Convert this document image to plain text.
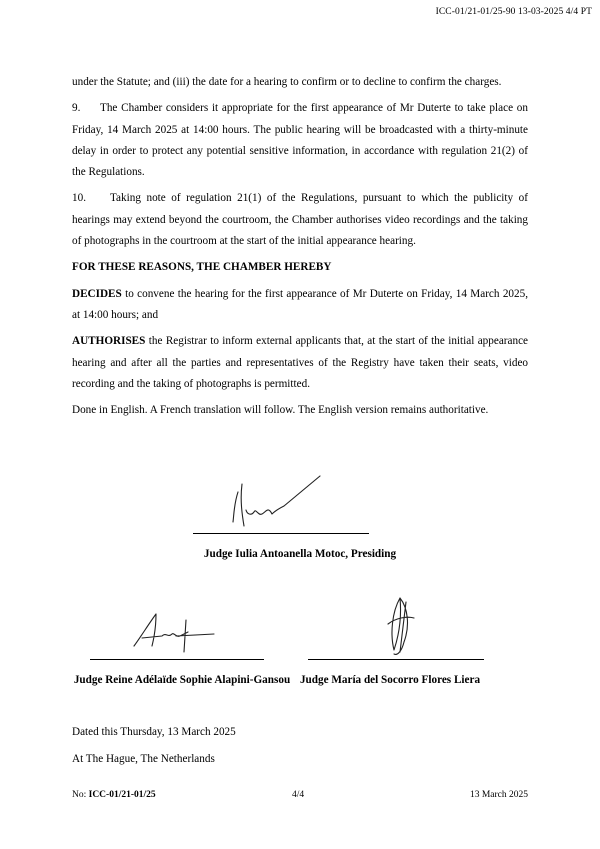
ICC-01/21-01/25-90 13-03-2025 4/4 PT

under the Statute; and (iii) the date for a hearing to confirm or to decline to confirm the charges.

9. The Chamber considers it appropriate for the first appearance of Mr Duterte to take place on Friday, 14 March 2025 at 14:00 hours. The public hearing will be broadcasted with a thirty-minute delay in order to protect any potential sensitive information, in accordance with regulation 21(2) of the Regulations.

10. Taking note of regulation 21(1) of the Regulations, pursuant to which the publicity of hearings may extend beyond the courtroom, the Chamber authorises video recordings and the taking of photographs in the courtroom at the start of the initial appearance hearing.

FOR THESE REASONS, THE CHAMBER HEREBY

DECIDES to convene the hearing for the first appearance of Mr Duterte on Friday, 14 March 2025, at 14:00 hours; and

AUTHORISES the Registrar to inform external applicants that, at the start of the initial appearance hearing and after all the parties and representatives of the Registry have taken their seats, video recording and the taking of photographs is permitted.

Done in English. A French translation will follow. The English version remains authoritative.

Judge Iulia Antoanella Motoc, Presiding
Judge Reine Adélaïde Sophie Alapini-Gansou Judge María del Socorro Flores Liera
Dated this Thursday, 13 March 2025
At The Hague, The Netherlands
No: ICC-01/21-01/25	4/4	13 March 2025
